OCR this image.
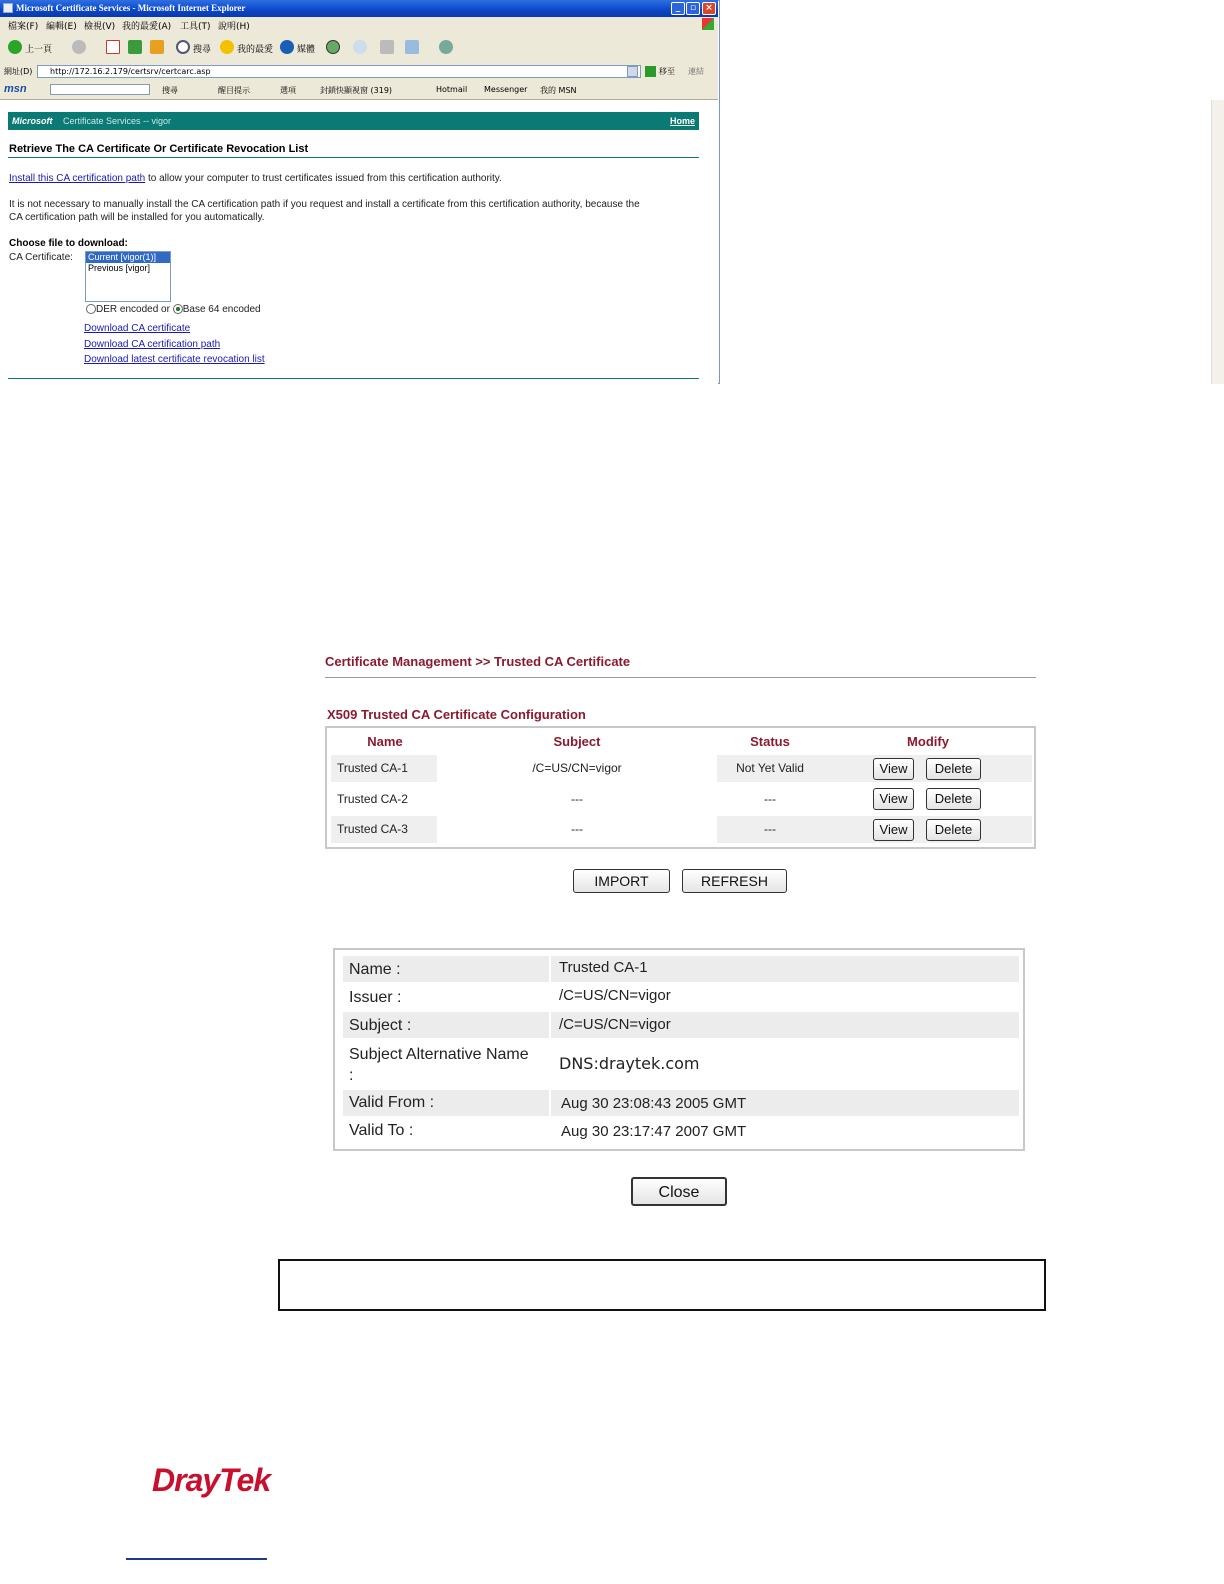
Microsoft Certificate Services - Microsoft Internet Explorer	_	▫	×
檔案(F) 編輯(E) 檢視(V) 我的最愛(A) 工具(T) 說明(H)
上一頁	搜尋	我的最愛	媒體
網址(D)	http://172.16.2.179/certsrv/certcarc.asp	移至 連結
msn	搜尋	醒目提示	選項	封鎖快顯視窗 (319)	Hotmail Messenger 我的 MSN
Microsoft Certificate Services -- vigor	Home
Retrieve The CA Certificate Or Certificate Revocation List
Install this CA certification path to allow your computer to trust certificates issued from this certification authority.
It is not necessary to manually install the CA certification path if you request and install a certificate from this certification authority, because the
CA certification path will be installed for you automatically.
Choose file to download:
CA Certificate: Current [vigor(1)]
Previous [vigor]
DER encoded or Base 64 encoded
Download CA certificate
Download CA certification path
Download latest certificate revocation list
Certificate Management >> Trusted CA Certificate
X509 Trusted CA Certificate Configuration
Name	Subject	Status	Modify
Trusted CA-1	/C=US/CN=vigor	Not Yet Valid	View	Delete
Trusted CA-2	---	---	View	Delete
Trusted CA-3	---	---	View	Delete
IMPORT	REFRESH
Name :	Trusted CA-1
Issuer :	/C=US/CN=vigor
Subject :	/C=US/CN=vigor
Subject Alternative Name :
DNS:draytek.com
Valid From :	Aug 30 23:08:43 2005 GMT
Valid To :	Aug 30 23:17:47 2007 GMT
Close
DrayTek
